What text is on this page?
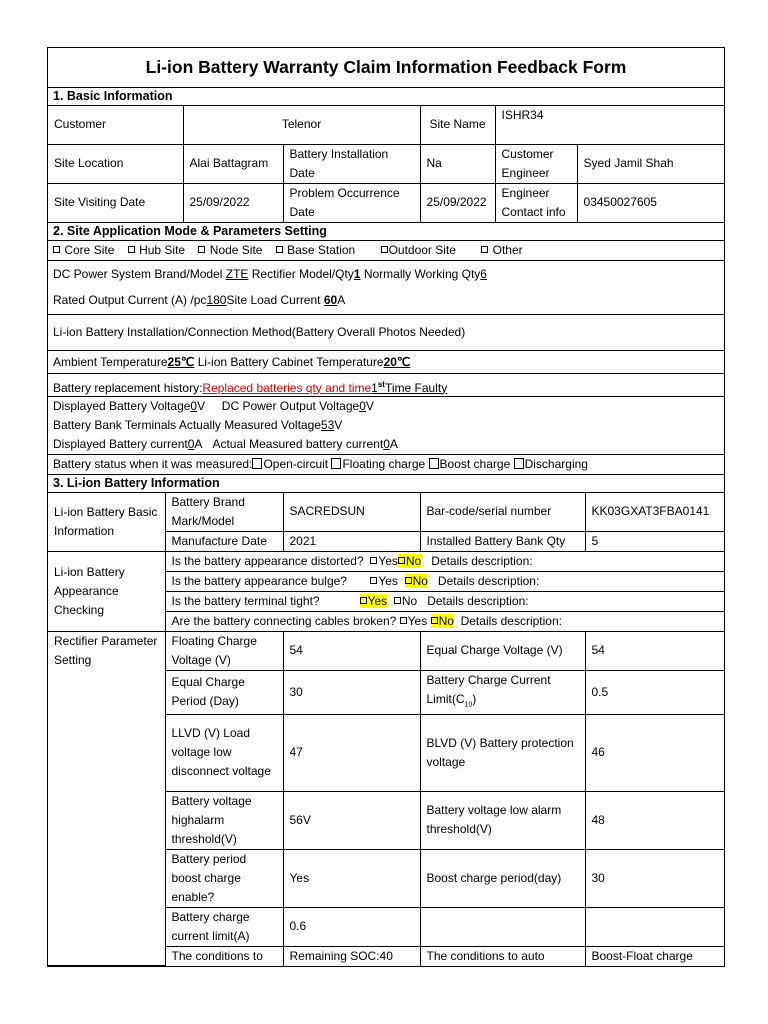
Li-ion Battery Warranty Claim Information Feedback Form
1. Basic Information
Customer	Telenor		Site Name	ISHR34	
Site Location	Alai Battagram	Battery Installation Date	Na	Customer Engineer	Syed Jamil Shah
Site Visiting Date	25/09/2022	Problem Occurrence Date	25/09/2022	Engineer Contact info	03450027605
2. Site Application Mode & Parameters Setting
Core Site Hub Site Node Site Base Station	Outdoor Site	Other
DC Power System Brand/Model ZTE Rectifier Model/Qty1 Normally Working Qty6
Rated Output Current (A) /pc180Site Load Current 60A
Li-ion Battery Installation/Connection Method(Battery Overall Photos Needed)
Ambient Temperature25℃ Li-ion Battery Cabinet Temperature20℃
Battery replacement history:Replaced batteries qty and time1stTime Faulty
Displayed Battery Voltage0V DC Power Output Voltage0V
Battery Bank Terminals Actually Measured Voltage53V
Displayed Battery current0A Actual Measured battery current0A
Battery status when it was measured: Open-circuit Floating charge Boost charge Discharging
3. Li-ion Battery Information
Li-ion Battery Basic Information	Battery Brand Mark/Model	SACREDSUN	Bar-code/serial number	KK03GXAT3FBA0141
	Manufacture Date	2021	Installed Battery Bank Qty	5
Li-ion Battery Appearance Checking	Is the battery appearance distorted? Yes No Details description:			
	Is the battery appearance bulge? Yes No Details description:			
	Is the battery terminal tight? Yes No Details description:			
	Are the battery connecting cables broken? Yes No Details description:			
Rectifier Parameter Setting	Floating Charge Voltage (V)	54	Equal Charge Voltage (V)	54
	Equal Charge Period (Day)	30	Battery Charge Current $Limit(C_{10})$	0.5
	LLVD (V) Load voltage low disconnect voltage	47	BLVD (V) Battery protection voltage	46
	Battery voltage highalarm threshold(V)	56V	Battery voltage low alarm threshold(V)	48
	Battery period boost charge enable?	Yes	Boost charge period(day)	30
	Battery charge current limit(A)	0.6		
	The conditions to	Remaining SOC:40	The conditions to auto	Boost-Float charge
